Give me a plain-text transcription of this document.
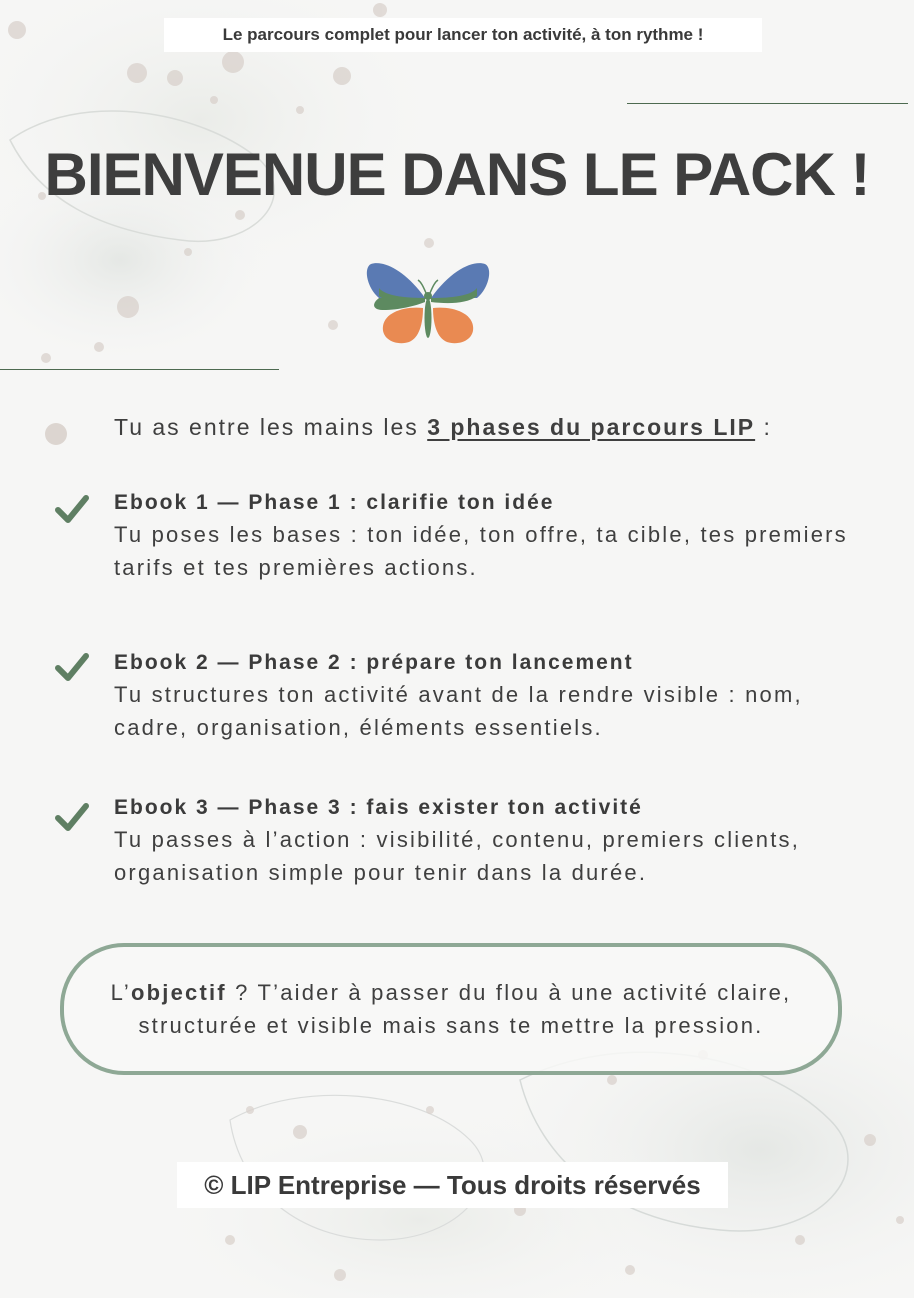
Le parcours complet pour lancer ton activité, à ton rythme !
BIENVENUE DANS LE PACK !
Tu as entre les mains les 3 phases du parcours LIP :
Ebook 1 — Phase 1 : clarifie ton idée
Tu poses les bases : ton idée, ton offre, ta cible, tes premiers tarifs et tes premières actions.
Ebook 2 — Phase 2 : prépare ton lancement
Tu structures ton activité avant de la rendre visible : nom, cadre, organisation, éléments essentiels.
Ebook 3 — Phase 3 : fais exister ton activité
Tu passes à l’action : visibilité, contenu, premiers clients, organisation simple pour tenir dans la durée.
L’objectif ? T’aider à passer du flou à une activité claire, structurée et visible mais sans te mettre la pression.
© LIP Entreprise — Tous droits réservés
